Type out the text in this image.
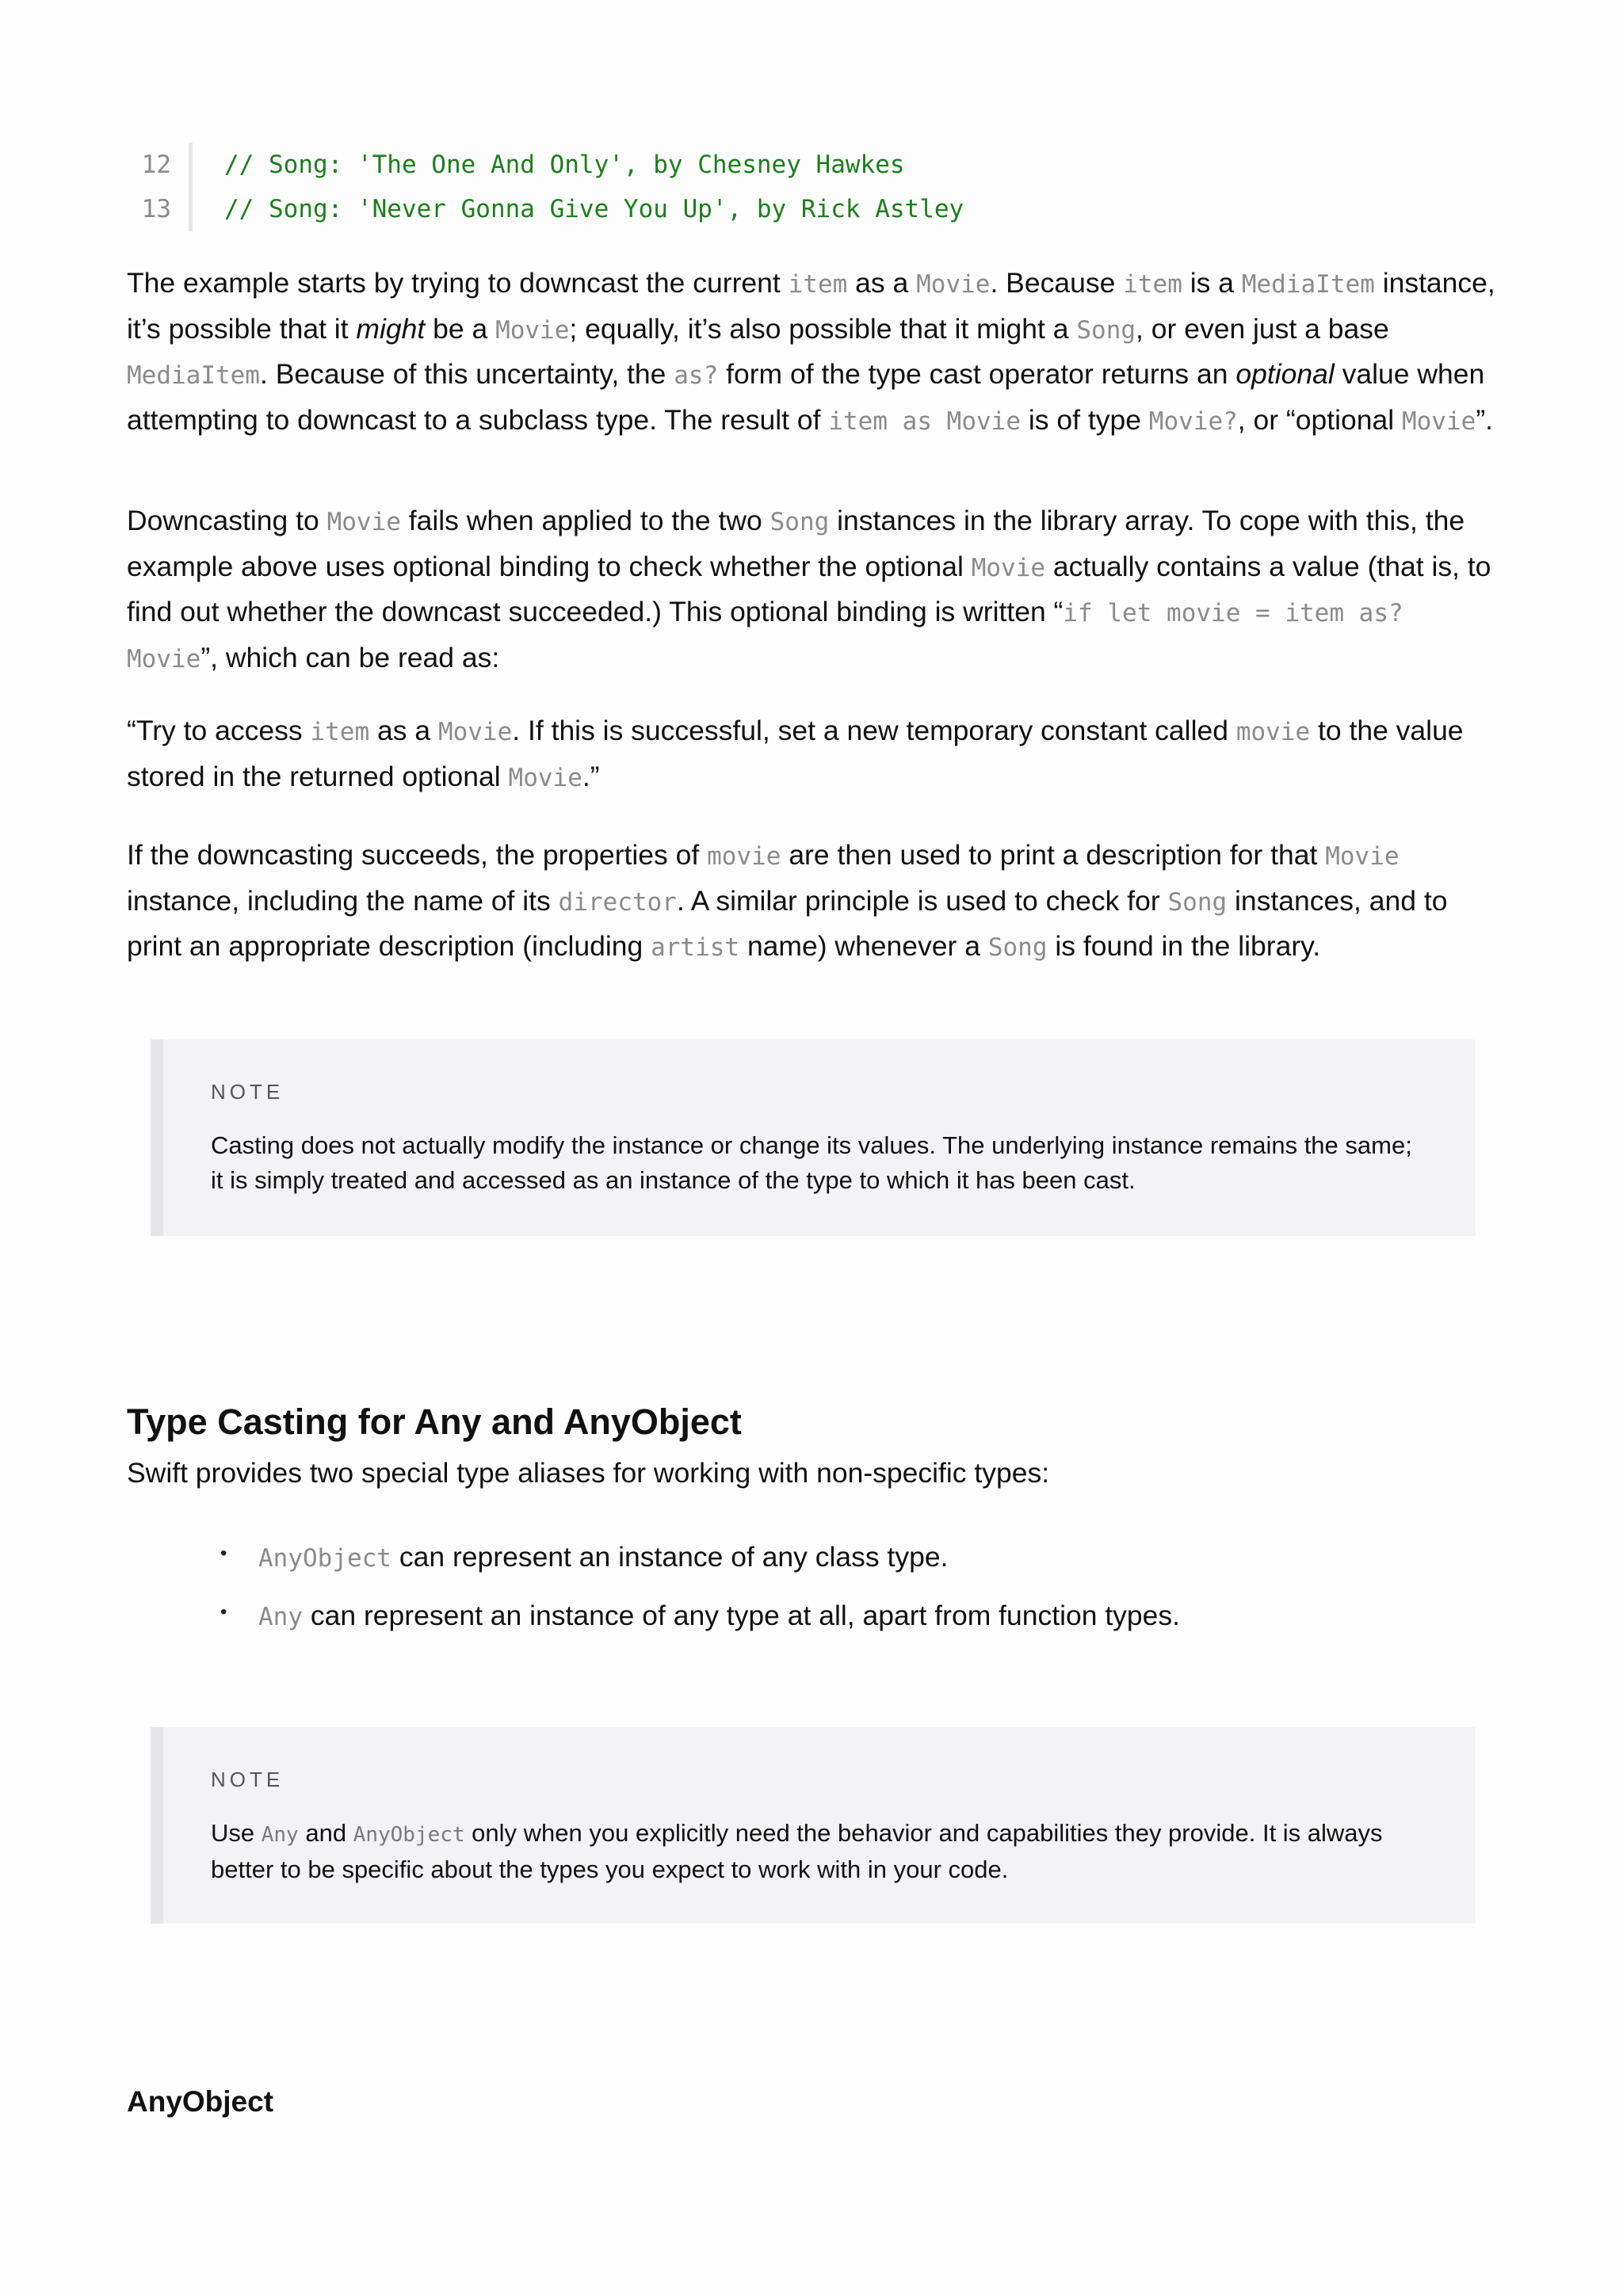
12	// Song: 'The One And Only', by Chesney Hawkes
13	// Song: 'Never Gonna Give You Up', by Rick Astley

The example starts by trying to downcast the current item as a Movie. Because item is a MediaItem instance, it’s possible that it might be a Movie; equally, it’s also possible that it might a Song, or even just a base MediaItem. Because of this uncertainty, the as? form of the type cast operator returns an optional value when attempting to downcast to a subclass type. The result of item as Movie is of type Movie?, or “optional Movie”.

Downcasting to Movie fails when applied to the two Song instances in the library array. To cope with this, the example above uses optional binding to check whether the optional Movie actually contains a value (that is, to find out whether the downcast succeeded.) This optional binding is written “if let movie = item as? Movie”, which can be read as:

“Try to access item as a Movie. If this is successful, set a new temporary constant called movie to the value stored in the returned optional Movie.”

If the downcasting succeeds, the properties of movie are then used to print a description for that Movie instance, including the name of its director. A similar principle is used to check for Song instances, and to print an appropriate description (including artist name) whenever a Song is found in the library.

NOTE
Casting does not actually modify the instance or change its values. The underlying instance remains the same; it is simply treated and accessed as an instance of the type to which it has been cast.
Type Casting for Any and AnyObject
Swift provides two special type aliases for working with non-specific types:
• AnyObject can represent an instance of any class type.
• Any can represent an instance of any type at all, apart from function types.
NOTE
Use Any and AnyObject only when you explicitly need the behavior and capabilities they provide. It is always better to be specific about the types you expect to work with in your code.
AnyObject
